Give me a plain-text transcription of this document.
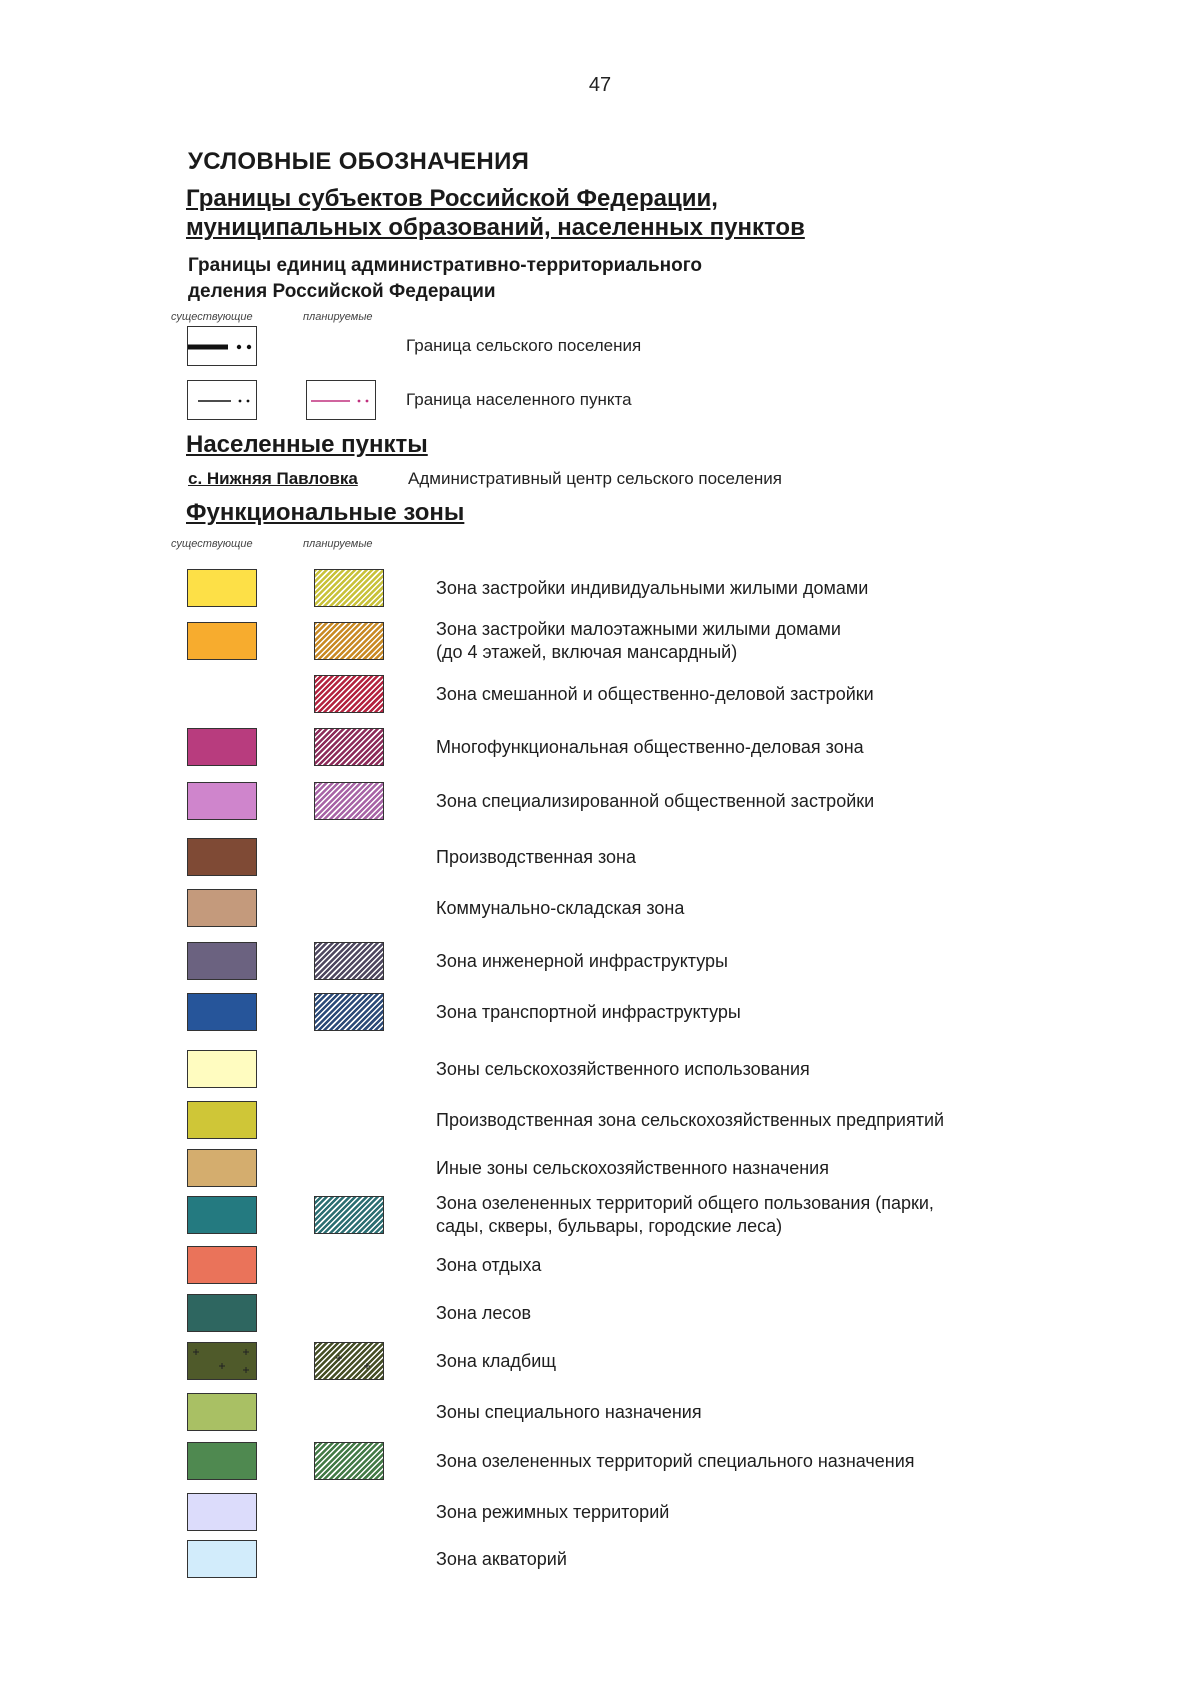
47
УСЛОВНЫЕ ОБОЗНАЧЕНИЯ
Границы субъектов Российской Федерации,
муниципальных образований, населенных пунктов
Границы единиц административно-территориального
деления Российской Федерации
существующие	планируемые
Граница сельского поселения
Граница населенного пункта
Населенные пункты
с. Нижняя Павловка	Административный центр сельского поселения
Функциональные зоны
существующие	планируемые
Зона застройки индивидуальными жилыми домами
Зона застройки малоэтажными жилыми домами
(до 4 этажей, включая мансардный)
Зона смешанной и общественно-деловой застройки
Многофункциональная общественно-деловая зона
Зона специализированной общественной застройки
Производственная зона
Коммунально-складская зона
Зона инженерной инфраструктуры
Зона транспортной инфраструктуры
Зоны сельскохозяйственного использования
Производственная зона сельскохозяйственных предприятий
Иные зоны сельскохозяйственного назначения
Зона озелененных территорий общего пользования (парки,
сады, скверы, бульвары, городские леса)
Зона отдыха
Зона лесов
Зона кладбищ
Зоны специального назначения
Зона озелененных территорий специального назначения
Зона режимных территорий
Зона акваторий
